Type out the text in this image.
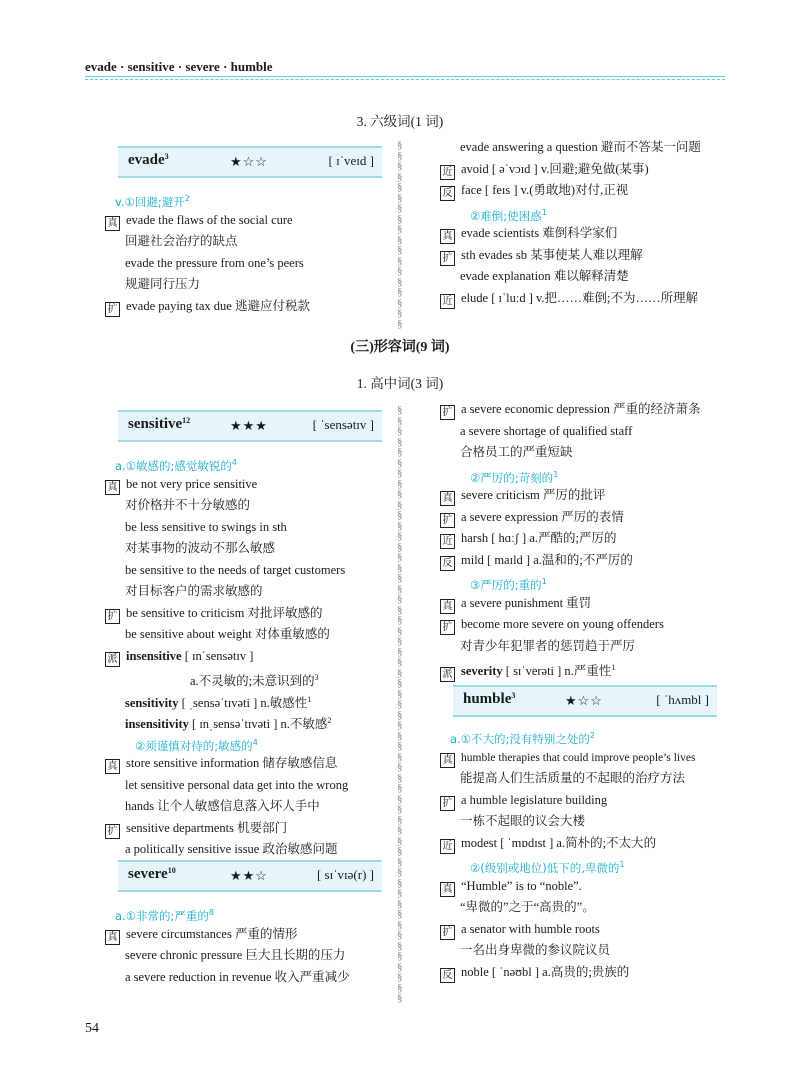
evade · sensitive · severe · humble
3. 六级词(1 词)
evade$^3$	★☆☆	[ ɪˈveɪd ]
v.①回避;避开$^2$
真 evade the flaws of the social cure
回避社会治疗的缺点
evade the pressure from one’s peers
规避同行压力
扩 evade paying tax due 逃避应付税款
§
§
§
§
§
§
§
§
§
§
§
§
§
§
§
§
§
§
evade answering a question 避而不答某一问题
近 avoid [ əˈvɔɪd ] v.回避;避免做(某事)
反 face [ feɪs ] v.(勇敢地)对付,正视
②难倒;使困惑$^1$
真 evade scientists 难倒科学家们
扩 sth evades sb 某事使某人难以理解
evade explanation 难以解释清楚
近 elude [ ɪˈluːd ] v.把……难倒;不为……所理解
(三)形容词(9 词)
1. 高中词(3 词)
sensitive$^{12}$	★★★	[ ˈsensətɪv ]
a.①敏感的;感觉敏锐的$^4$
真 be not very price sensitive
对价格并不十分敏感的
be less sensitive to swings in sth
对某事物的波动不那么敏感
be sensitive to the needs of target customers
对目标客户的需求敏感的
扩 be sensitive to criticism 对批评敏感的
be sensitive about weight 对体重敏感的
派 insensitive [ ɪnˈsensətɪv ]
a.不灵敏的;未意识到的$^3$
sensitivity [ ˌsensəˈtɪvəti ] n.敏感性$^1$
insensitivity [ ɪnˌsensəˈtɪvəti ] n.不敏感$^2$
②须谨慎对待的;敏感的$^4$
真 store sensitive information 储存敏感信息
let sensitive personal data get into the wrong
hands 让个人敏感信息落入坏人手中
扩 sensitive departments 机要部门
a politically sensitive issue 政治敏感问题
severe$^{10}$	★★☆	[ sɪˈvɪə(r) ]
a.①非常的;严重的$^8$
真 severe circumstances 严重的情形
severe chronic pressure 巨大且长期的压力
a severe reduction in revenue 收入严重减少
§
§
§
§
§
§
§
§
§
§
§
§
§
§
§
§
§
§
§
§
§
§
§
§
§
§
§
§
§
§
§
§
§
§
§
§
§
§
§
§
§
§
§
§
§
§
§
§
§
§
§
§
§
§
§
§
§
扩 a severe economic depression 严重的经济萧条
a severe shortage of qualified staff
合格员工的严重短缺
②严厉的;苛刻的$^1$
真 severe criticism 严厉的批评
扩 a severe expression 严厉的表情
近 harsh [ hɑːʃ ] a.严酷的;严厉的
反 mild [ maɪld ] a.温和的;不严厉的
③严厉的;重的$^1$
真 a severe punishment 重罚
扩 become more severe on young offenders
对青少年犯罪者的惩罚趋于严厉
派 severity [ sɪˈverəti ] n.严重性$^1$
humble$^3$	★☆☆	[ ˈhʌmbl ]
a.①不大的;没有特别之处的$^2$
真 humble therapies that could improve people’s lives
能提高人们生活质量的不起眼的治疗方法
扩 a humble legislature building
一栋不起眼的议会大楼
近 modest [ ˈmɒdɪst ] a.简朴的;不太大的
②(级别或地位)低下的,卑微的$^1$
真 “Humble” is to “noble”.
“卑微的”之于“高贵的”。
扩 a senator with humble roots
一名出身卑微的参议院议员
反 noble [ ˈnəʊbl ] a.高贵的;贵族的
54
